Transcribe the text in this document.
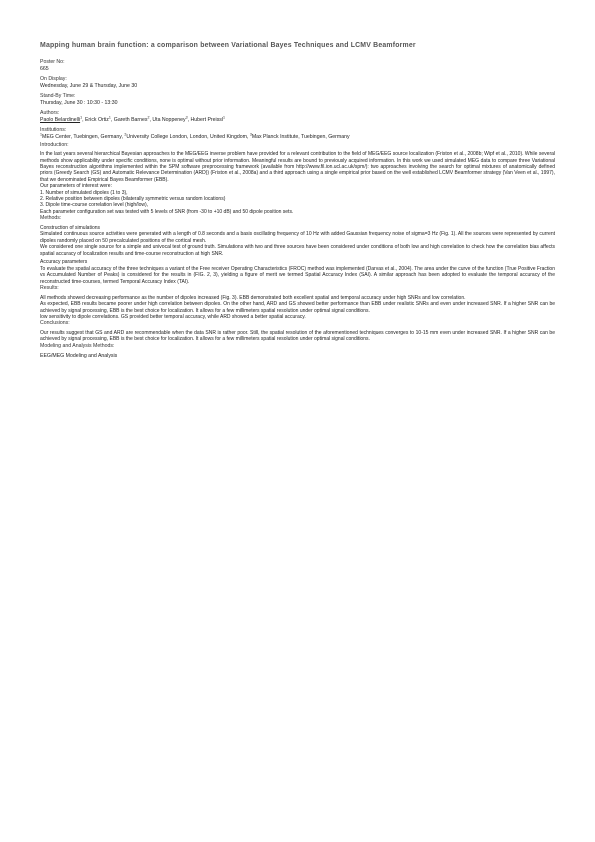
Mapping human brain function: a comparison between Variational Bayes Techniques and LCMV Beamformer
Poster No:
665
On Display:
Wednesday, June 29 & Thursday, June 30
Stand-By Time:
Thursday, June 30 : 10:30 - 13:30
Authors:
Paolo Belardinelli$^1$, Erick Ortiz$^1$, Gareth Barnes$^2$, Uta Noppeney$^3$, Hubert Preissl$^1$
Institutions:
$^1$MEG Center, Tuebingen, Germany, $^2$University College London, London, United Kingdom, $^3$Max Planck Institute, Tuebingen, Germany
Introduction:

In the last years several hierarchical Bayesian approaches to the MEG/EEG inverse problem have provided for a relevant contribution to the field of MEG/EEG source localization (Friston et al., 2008b; Wipf et al., 2010). While several methods show applicability under specific conditions, none is optimal without prior information. Meaningful results are bound to previously acquired information. In this work we used simulated MEG data to compare three Variational Bayes reconstruction algorithms implemented within the SPM software preprocessing framework (available from http://www.fil.ion.ucl.ac.uk/spm/): two approaches involving the search for optimal mixtures of anatomically defined priors (Greedy Search (GS) and Automatic Relevance Determination (ARD)) (Friston et al., 2008a) and a third approach using a single empirical prior based on the well established LCMV Beamformer strategy (Van Veen et al., 1997), that we denominated Empirical Bayes Beamformer (EBB).

Our parameters of interest were:
1. Number of simulated dipoles (1 to 3),
2. Relative position between dipoles (bilaterally symmetric versus random locations)
3. Dipole time-course correlation level (high/low),
Each parameter configuration set was tested with 5 levels of SNR (from -30 to +10 dB) and 50 dipole position sets.
Methods:
Construction of simulations

Simulated continuous source activities were generated with a length of 0.8 seconds and a basis oscillating frequency of 10 Hz with added Gaussian frequency noise of sigma=3 Hz (Fig. 1). All the sources were represented by current dipoles randomly placed on 50 precalculated positions of the cortical mesh.

We considered one single source for a simple and univocal test of ground truth. Simulations with two and three sources have been considered under conditions of both low and high correlation to check how the correlation bias affects spatial accuracy of localization results and time-course reconstruction at high SNR.

Accuracy parameters

To evaluate the spatial accuracy of the three techniques a variant of the Free receiver Operating Characteristics (FROC) method was implemented (Darvas et al., 2004). The area under the curve of the function (True Positive Fraction vs Accumulated Number of Peaks) is considered for the results in (FIG. 2, 3), yielding a figure of merit we termed Spatial Accuracy Index (SAI). A similar approach has been adopted to evaluate the temporal accuracy of the reconstructed time-courses, termed Temporal Accuracy Index (TAI).

Results:

All methods showed decreasing performance as the number of dipoles increased (Fig. 3). EBB demonstrated both excellent spatial and temporal accuracy under high SNRs and low correlation.

As expected, EBB results became poorer under high correlation between dipoles. On the other hand, ARD and GS showed better performance than EBB under realistic SNRs and even under increased SNR. If a higher SNR can be achieved by signal processing, EBB is the best choice for localization. It allows for a few millimeters spatial resolution under optimal signal conditions.

low sensitivity to dipole correlations. GS provided better temporal accuracy, while ARD showed a better spatial accuracy.

Conclusions:

Our results suggest that GS and ARD are recommendable when the data SNR is rather poor. Still, the spatial resolution of the aforementioned techniques converges to 10-15 mm even under increased SNR. If a higher SNR can be achieved by signal processing, EBB is the best choice for localization. It allows for a few millimeters spatial resolution under optimal signal conditions.

Modeling and Analysis Methods:
EEG/MEG Modeling and Analysis
